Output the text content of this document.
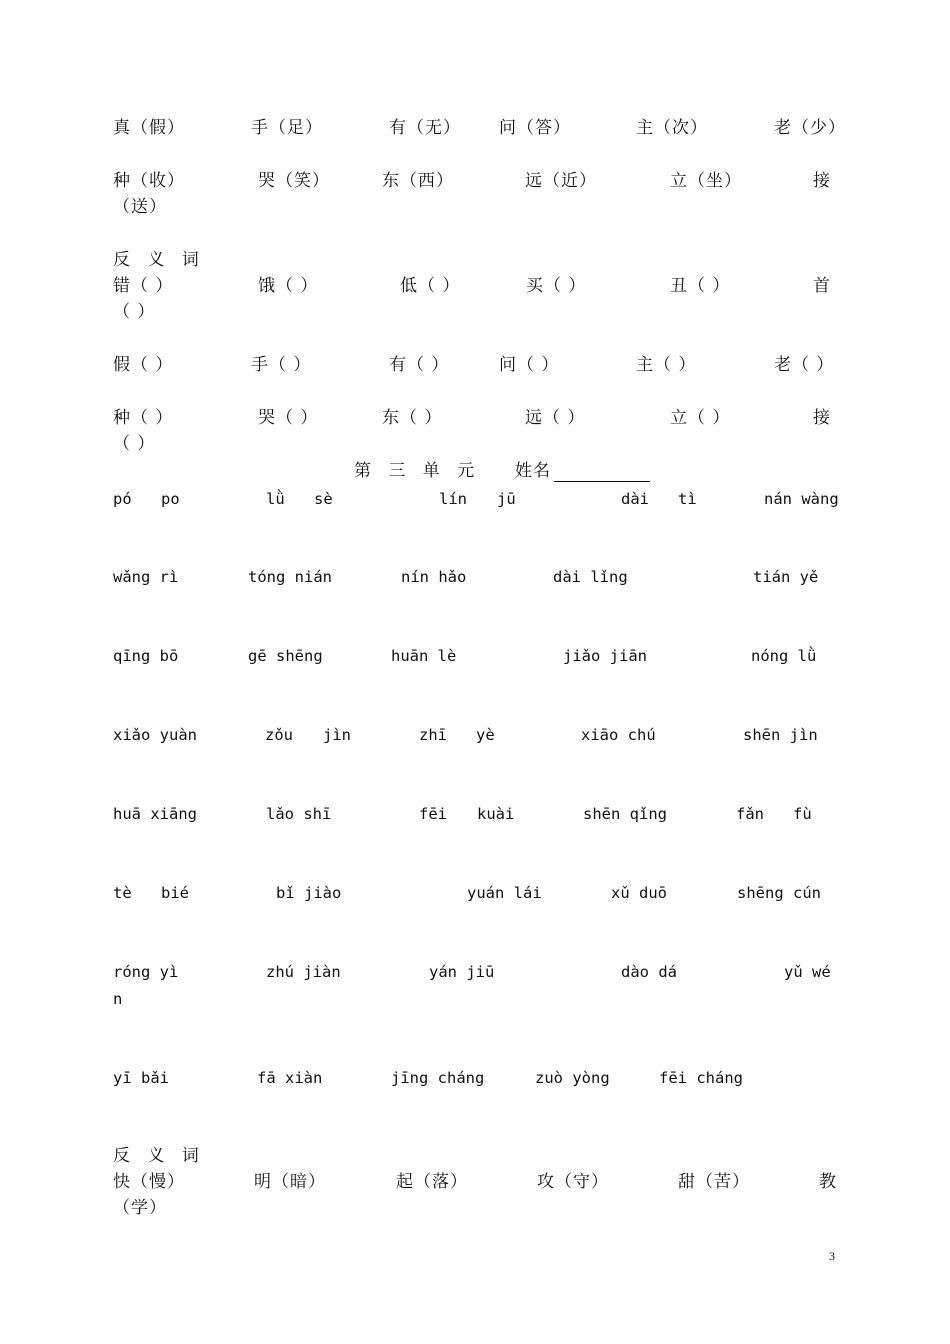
真（假）	手（足）	有（无） 问（答）	主（次）	老（少）
种（收）	哭（笑）	东（西）	远（近）	立（坐）	接
（送）
反 义 词
错（ ）	饿（ ）	低（ ）	买（ ）	丑（ ）	首
（ ）
假（ ）	手（ ）	有（ ）	问（ ）	主（ ）	老（ ）
种（ ）	哭（ ）	东（ ）	远（ ）	立（ ）	接
（ ）
第 三 单 元 姓名
pó po	lǜ sè	lín jū	dài tì	nán wàng
wǎng rì	tóng nián	nín hǎo	dài lǐng	tián yě
qīng bō	gē shēng	huān lè	jiǎo jiān	nóng lǜ
xiǎo yuàn	zǒu jìn	zhī yè	xiāo chú	shēn jìn
huā xiāng	lǎo shī	fēi kuài	shēn qǐng	fǎn fù
tè bié	bǐ jiào	yuán lái	xǔ duō	shēng cún
róng yì	zhú jiàn	yán jiū	dào dá	yǔ wé
n
yī bǎi	fā xiàn	jīng cháng	zuò yòng	fēi cháng
反 义 词
快（慢）	明（暗）	起（落）	攻（守）	甜（苦）	教
（学）
3
